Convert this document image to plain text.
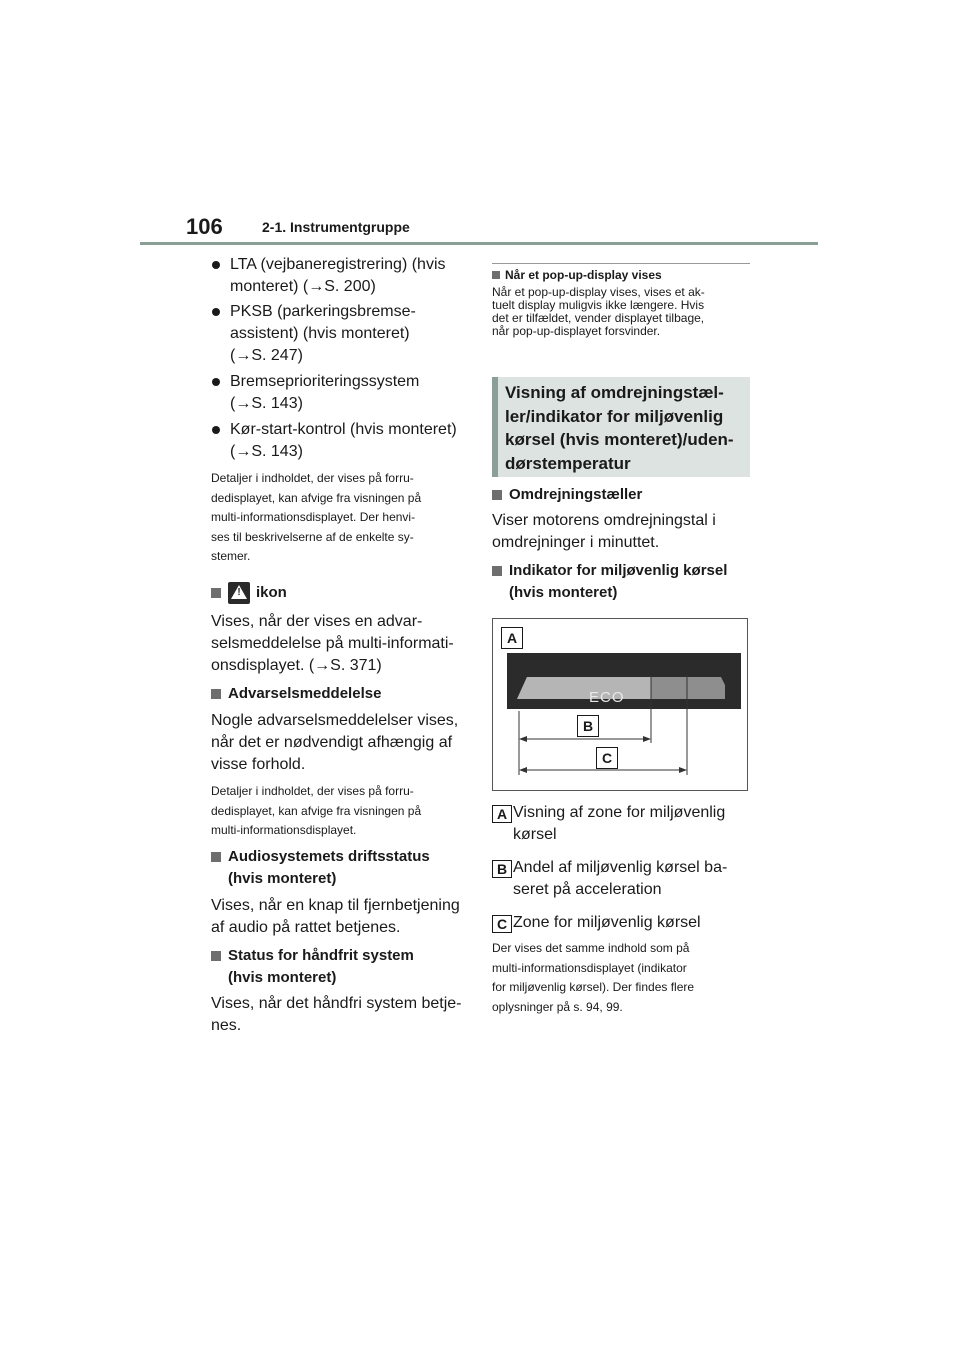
106	2-1. Instrumentgruppe
LTA (vejbaneregistrering) (hvis
monteret) (→S. 200)
PKSB (parkeringsbremse-
assistent) (hvis monteret)
(→S. 247)
Bremseprioriteringssystem
(→S. 143)
Kør-start-kontrol (hvis monteret)
(→S. 143)
Detaljer i indholdet, der vises på forru-
dedisplayet, kan afvige fra visningen på
multi-informationsdisplayet. Der henvi-
ses til beskrivelserne af de enkelte sy-
stemer.

!	ikon

Vises, når der vises en advar-
selsmeddelelse på multi-informati-
onsdisplayet. (→S. 371)

Advarselsmeddelelse

Nogle advarselsmeddelelser vises,
når det er nødvendigt afhængig af
visse forhold.
Detaljer i indholdet, der vises på forru-
dedisplayet, kan afvige fra visningen på
multi-informationsdisplayet.

Audiosystemets driftsstatus
(hvis monteret)

Vises, når en knap til fjernbetjening
af audio på rattet betjenes.

Status for håndfrit system
(hvis monteret)

Vises, når det håndfri system betje-
nes.
Når et pop-up-display vises
Når et pop-up-display vises, vises et ak-
tuelt display muligvis ikke længere. Hvis
det er tilfældet, vender displayet tilbage,
når pop-up-displayet forsvinder.
Visning af omdrejningstæl-
ler/indikator for miljøvenlig
kørsel (hvis monteret)/uden-
dørstemperatur

Omdrejningstæller

Viser motorens omdrejningstal i
omdrejninger i minuttet.

Indikator for miljøvenlig kørsel
(hvis monteret)

A
ECO
B
C
A Visning af zone for miljøvenlig
kørsel
B Andel af miljøvenlig kørsel ba-
seret på acceleration
C Zone for miljøvenlig kørsel
Der vises det samme indhold som på
multi-informationsdisplayet (indikator
for miljøvenlig kørsel). Der findes flere
oplysninger på s. 94, 99.
